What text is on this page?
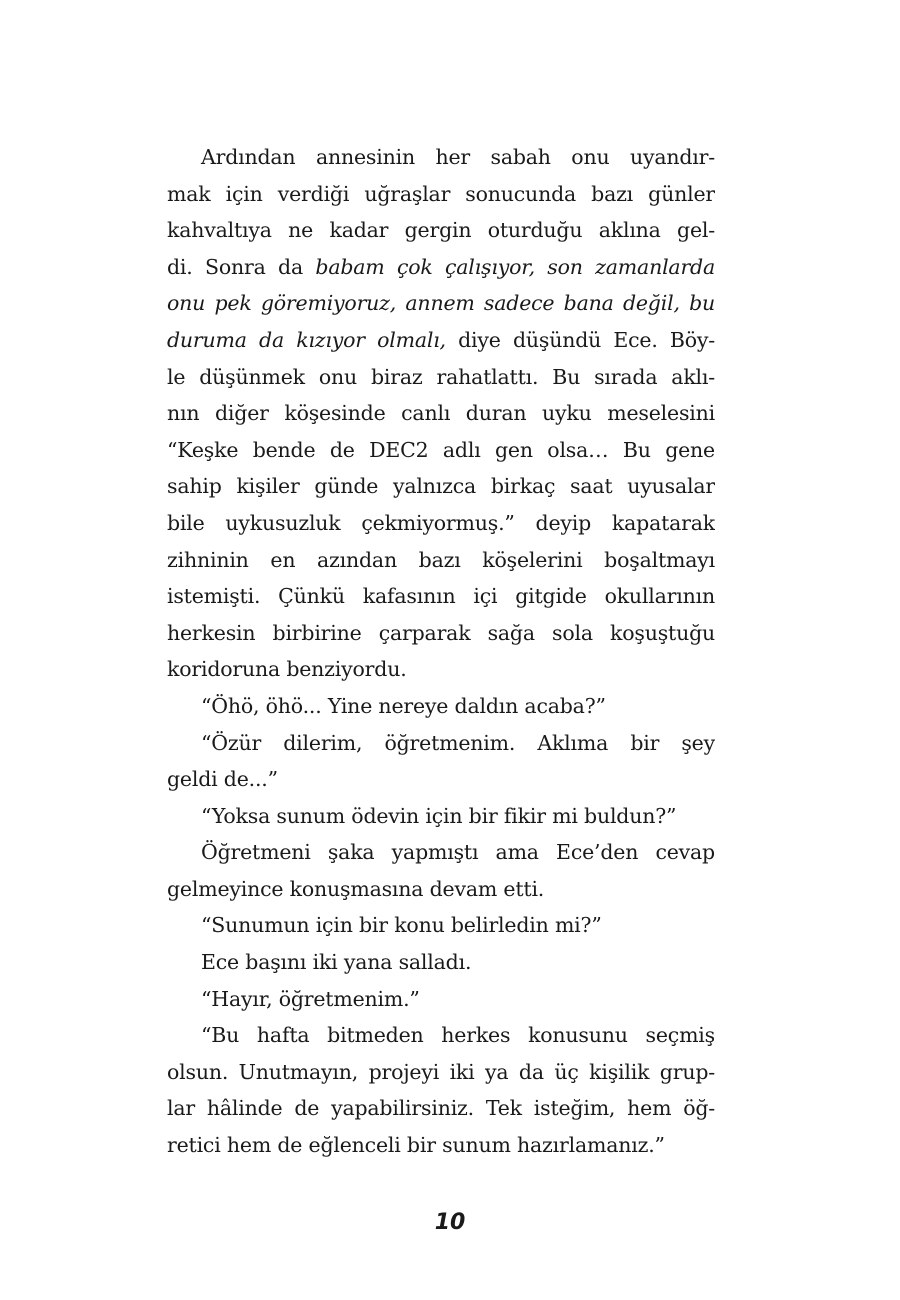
Ardından annesinin her sabah onu uyandır-
mak için verdiği uğraşlar sonucunda bazı günler
kahvaltıya ne kadar gergin oturduğu aklına gel-
di. Sonra da babam çok çalışıyor, son zamanlarda
onu pek göremiyoruz, annem sadece bana değil, bu
duruma da kızıyor olmalı, diye düşündü Ece. Böy-
le düşünmek onu biraz rahatlattı. Bu sırada aklı-
nın diğer köşesinde canlı duran uyku meselesini
“Keşke bende de DEC2 adlı gen olsa… Bu gene
sahip kişiler günde yalnızca birkaç saat uyusalar
bile uykusuzluk çekmiyormuş.” deyip kapatarak
zihninin en azından bazı köşelerini boşaltmayı
istemişti. Çünkü kafasının içi gitgide okullarının
herkesin birbirine çarparak sağa sola koşuştuğu
koridoruna benziyordu.
“Öhö, öhö... Yine nereye daldın acaba?”
“Özür dilerim, öğretmenim. Aklıma bir şey
geldi de...”
“Yoksa sunum ödevin için bir fikir mi buldun?”
Öğretmeni şaka yapmıştı ama Ece’den cevap
gelmeyince konuşmasına devam etti.
“Sunumun için bir konu belirledin mi?”
Ece başını iki yana salladı.
“Hayır, öğretmenim.”
“Bu hafta bitmeden herkes konusunu seçmiş
olsun. Unutmayın, projeyi iki ya da üç kişilik grup-
lar hâlinde de yapabilirsiniz. Tek isteğim, hem öğ-
retici hem de eğlenceli bir sunum hazırlamanız.”
10
